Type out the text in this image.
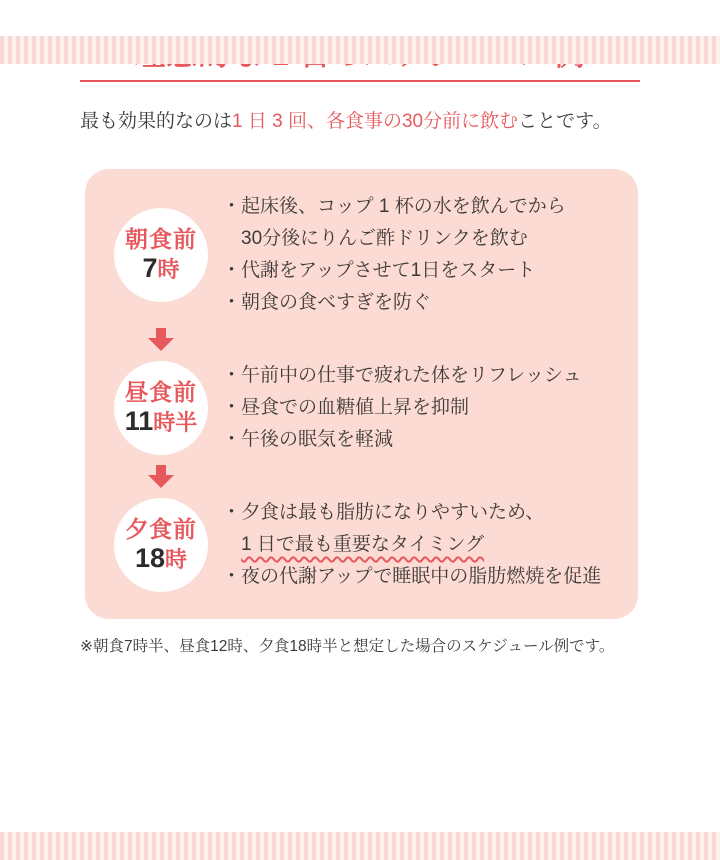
最も効果的なのは1 日 3 回、各食事の30分前に飲むことです。

朝食前
7時
・起床後、コップ 1 杯の水を飲んでから
30分後にりんご酢ドリンクを飲む
・代謝をアップさせて1日をスタート
・朝食の食べすぎを防ぐ
昼食前
11時半
・午前中の仕事で疲れた体をリフレッシュ
・昼食での血糖値上昇を抑制
・午後の眠気を軽減
夕食前
18時
・夕食は最も脂肪になりやすいため、
1 日で最も重要なタイミング
・夜の代謝アップで睡眠中の脂肪燃焼を促進

※朝食7時半、昼食12時、夕食18時半と想定した場合のスケジュール例です。
